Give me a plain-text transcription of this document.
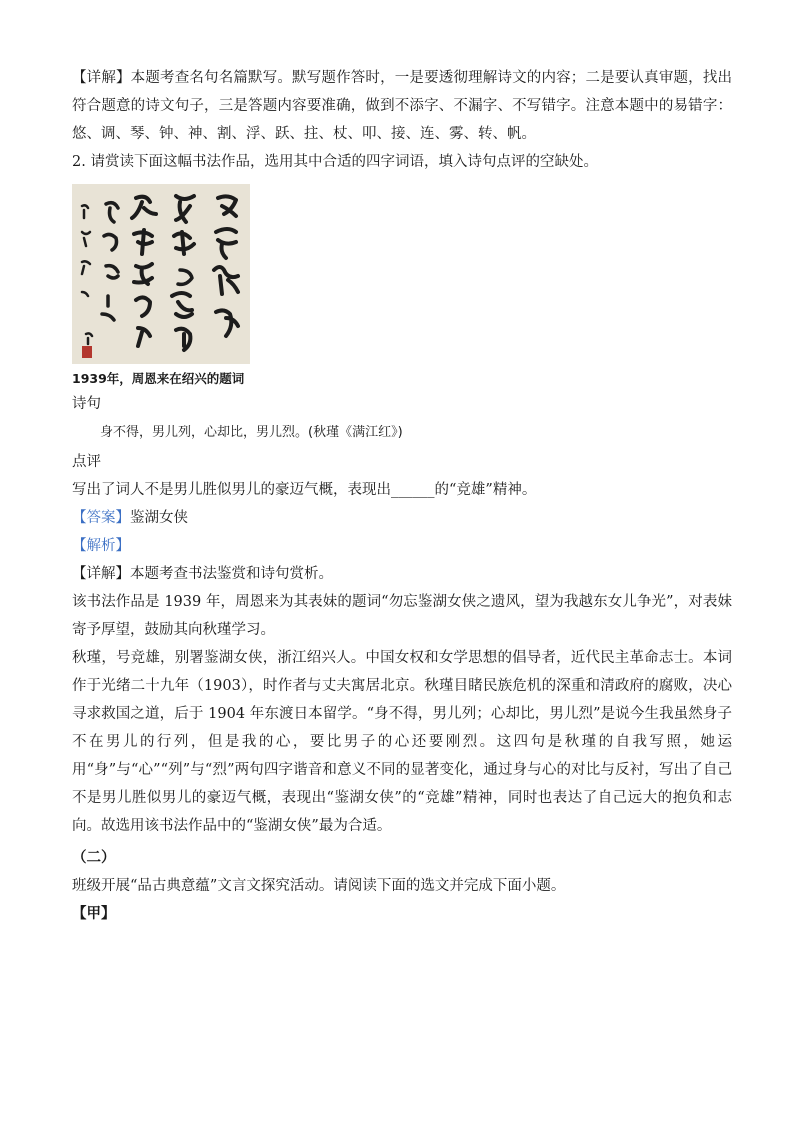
【详解】本题考查名句名篇默写。默写题作答时，一是要透彻理解诗文的内容；二是要认真审题，找出符合题意的诗文句子，三是答题内容要准确，做到不添字、不漏字、不写错字。注意本题中的易错字：悠、调、琴、钟、神、割、浮、跃、拄、杖、叩、接、连、雾、转、帆。

2. 请赏读下面这幅书法作品，选用其中合适的四字词语，填入诗句点评的空缺处。

1939年，周恩来在绍兴的题词

诗句

身不得，男儿列，心却比，男儿烈。(秋瑾《满江红》)

点评

写出了词人不是男儿胜似男儿的豪迈气概，表现出______的“竞雄”精神。

【答案】鉴湖女侠

【解析】

【详解】本题考查书法鉴赏和诗句赏析。

该书法作品是 1939 年，周恩来为其表妹的题词“勿忘鉴湖女侠之遗风，望为我越东女儿争光”，对表妹寄予厚望，鼓励其向秋瑾学习。

秋瑾，号竞雄，别署鉴湖女侠，浙江绍兴人。中国女权和女学思想的倡导者，近代民主革命志士。本词作于光绪二十九年（1903），时作者与丈夫寓居北京。秋瑾目睹民族危机的深重和清政府的腐败，决心寻求救国之道，后于 1904 年东渡日本留学。“身不得，男儿列；心却比，男儿烈”是说今生我虽然身子不在男儿的行列，但是我的心，要比男子的心还要刚烈。这四句是秋瑾的自我写照，她运用“身”与“心”“列”与“烈”两句四字谐音和意义不同的显著变化，通过身与心的对比与反衬，写出了自己不是男儿胜似男儿的豪迈气概，表现出“鉴湖女侠”的“竞雄”精神，同时也表达了自己远大的抱负和志向。故选用该书法作品中的“鉴湖女侠”最为合适。

（二）

班级开展“品古典意蕴”文言文探究活动。请阅读下面的选文并完成下面小题。

【甲】
